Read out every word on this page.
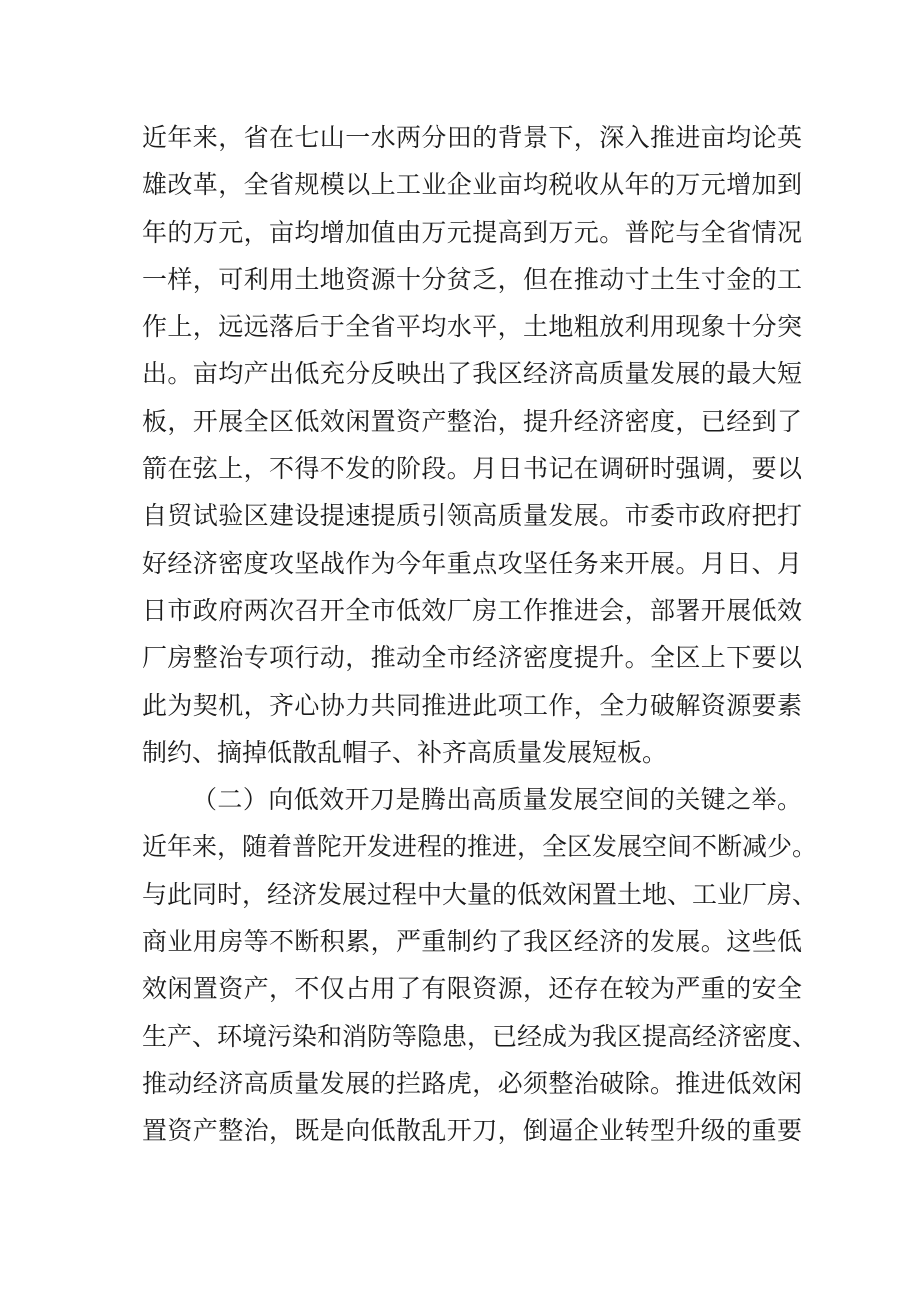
近年来，省在七山一水两分田的背景下，深入推进亩均论英
雄改革，全省规模以上工业企业亩均税收从年的万元增加到
年的万元，亩均增加值由万元提高到万元。普陀与全省情况
一样，可利用土地资源十分贫乏，但在推动寸土生寸金的工
作上，远远落后于全省平均水平，土地粗放利用现象十分突
出。亩均产出低充分反映出了我区经济高质量发展的最大短
板，开展全区低效闲置资产整治，提升经济密度，已经到了
箭在弦上，不得不发的阶段。月日书记在调研时强调，要以
自贸试验区建设提速提质引领高质量发展。市委市政府把打
好经济密度攻坚战作为今年重点攻坚任务来开展。月日、月
日市政府两次召开全市低效厂房工作推进会，部署开展低效
厂房整治专项行动，推动全市经济密度提升。全区上下要以
此为契机，齐心协力共同推进此项工作，全力破解资源要素
制约、摘掉低散乱帽子、补齐高质量发展短板。
（二）向低效开刀是腾出高质量发展空间的关键之举。
近年来，随着普陀开发进程的推进，全区发展空间不断减少。
与此同时，经济发展过程中大量的低效闲置土地、工业厂房、
商业用房等不断积累，严重制约了我区经济的发展。这些低
效闲置资产，不仅占用了有限资源，还存在较为严重的安全
生产、环境污染和消防等隐患，已经成为我区提高经济密度、
推动经济高质量发展的拦路虎，必须整治破除。推进低效闲
置资产整治，既是向低散乱开刀，倒逼企业转型升级的重要
